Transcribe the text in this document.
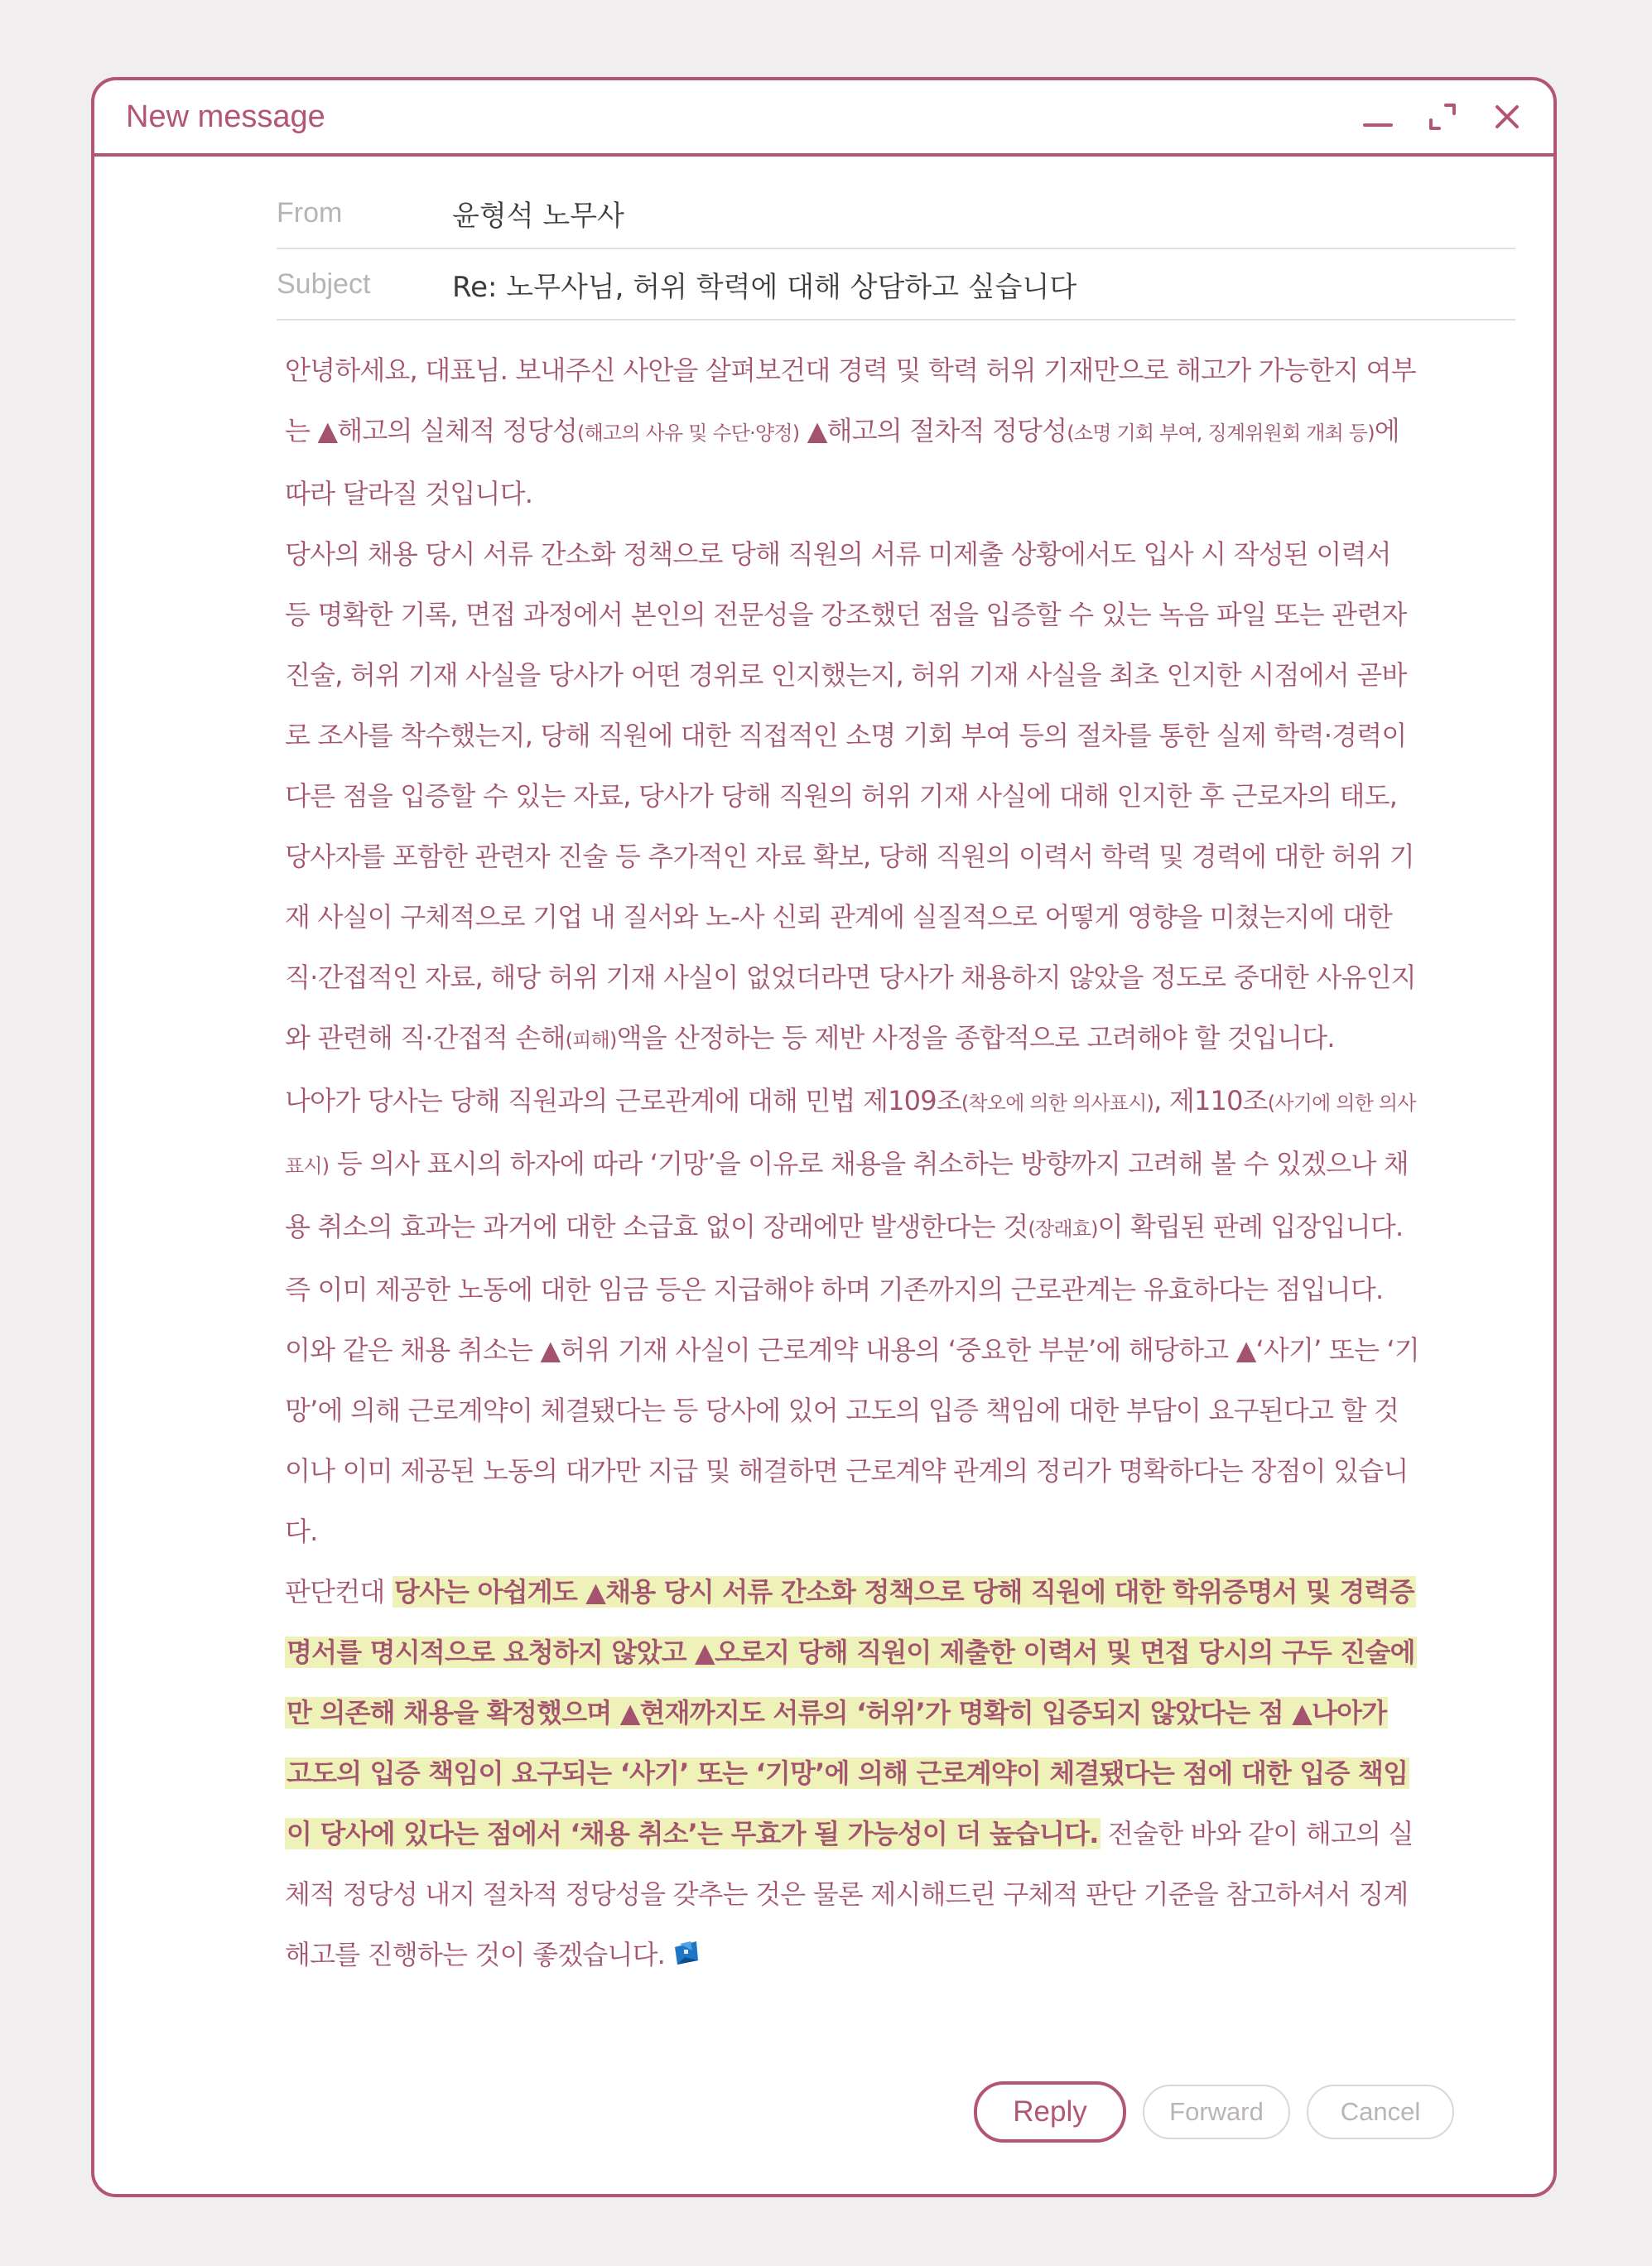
New message
From	윤형석 노무사
Subject	Re: 노무사님, 허위 학력에 대해 상담하고 싶습니다

안녕하세요, 대표님. 보내주신 사안을 살펴보건대 경력 및 학력 허위 기재만으로 해고가 가능한지 여부는 ▲해고의 실체적 정당성(해고의 사유 및 수단·양정) ▲해고의 절차적 정당성(소명 기회 부여, 징계위원회 개최 등)에 따라 달라질 것입니다.

당사의 채용 당시 서류 간소화 정책으로 당해 직원의 서류 미제출 상황에서도 입사 시 작성된 이력서 등 명확한 기록, 면접 과정에서 본인의 전문성을 강조했던 점을 입증할 수 있는 녹음 파일 또는 관련자 진술, 허위 기재 사실을 당사가 어떤 경위로 인지했는지, 허위 기재 사실을 최초 인지한 시점에서 곧바로 조사를 착수했는지, 당해 직원에 대한 직접적인 소명 기회 부여 등의 절차를 통한 실제 학력·경력이 다른 점을 입증할 수 있는 자료, 당사가 당해 직원의 허위 기재 사실에 대해 인지한 후 근로자의 태도, 당사자를 포함한 관련자 진술 등 추가적인 자료 확보, 당해 직원의 이력서 학력 및 경력에 대한 허위 기재 사실이 구체적으로 기업 내 질서와 노-사 신뢰 관계에 실질적으로 어떻게 영향을 미쳤는지에 대한 직·간접적인 자료, 해당 허위 기재 사실이 없었더라면 당사가 채용하지 않았을 정도로 중대한 사유인지와 관련해 직·간접적 손해(피해)액을 산정하는 등 제반 사정을 종합적으로 고려해야 할 것입니다.

나아가 당사는 당해 직원과의 근로관계에 대해 민법 제109조(착오에 의한 의사표시), 제110조(사기에 의한 의사표시) 등 의사 표시의 하자에 따라 ‘기망’을 이유로 채용을 취소하는 방향까지 고려해 볼 수 있겠으나 채용 취소의 효과는 과거에 대한 소급효 없이 장래에만 발생한다는 것(장래효)이 확립된 판례 입장입니다. 즉 이미 제공한 노동에 대한 임금 등은 지급해야 하며 기존까지의 근로관계는 유효하다는 점입니다.

이와 같은 채용 취소는 ▲허위 기재 사실이 근로계약 내용의 ‘중요한 부분’에 해당하고 ▲‘사기’ 또는 ‘기망’에 의해 근로계약이 체결됐다는 등 당사에 있어 고도의 입증 책임에 대한 부담이 요구된다고 할 것이나 이미 제공된 노동의 대가만 지급 및 해결하면 근로계약 관계의 정리가 명확하다는 장점이 있습니다.

판단컨대 당사는 아쉽게도 ▲채용 당시 서류 간소화 정책으로 당해 직원에 대한 학위증명서 및 경력증명서를 명시적으로 요청하지 않았고 ▲오로지 당해 직원이 제출한 이력서 및 면접 당시의 구두 진술에만 의존해 채용을 확정했으며 ▲현재까지도 서류의 ‘허위’가 명확히 입증되지 않았다는 점 ▲나아가 고도의 입증 책임이 요구되는 ‘사기’ 또는 ‘기망’에 의해 근로계약이 체결됐다는 점에 대한 입증 책임이 당사에 있다는 점에서 ‘채용 취소’는 무효가 될 가능성이 더 높습니다. 전술한 바와 같이 해고의 실체적 정당성 내지 절차적 정당성을 갖추는 것은 물론 제시해드린 구체적 판단 기준을 참고하셔서 징계해고를 진행하는 것이 좋겠습니다.

Reply	Forward	Cancel
